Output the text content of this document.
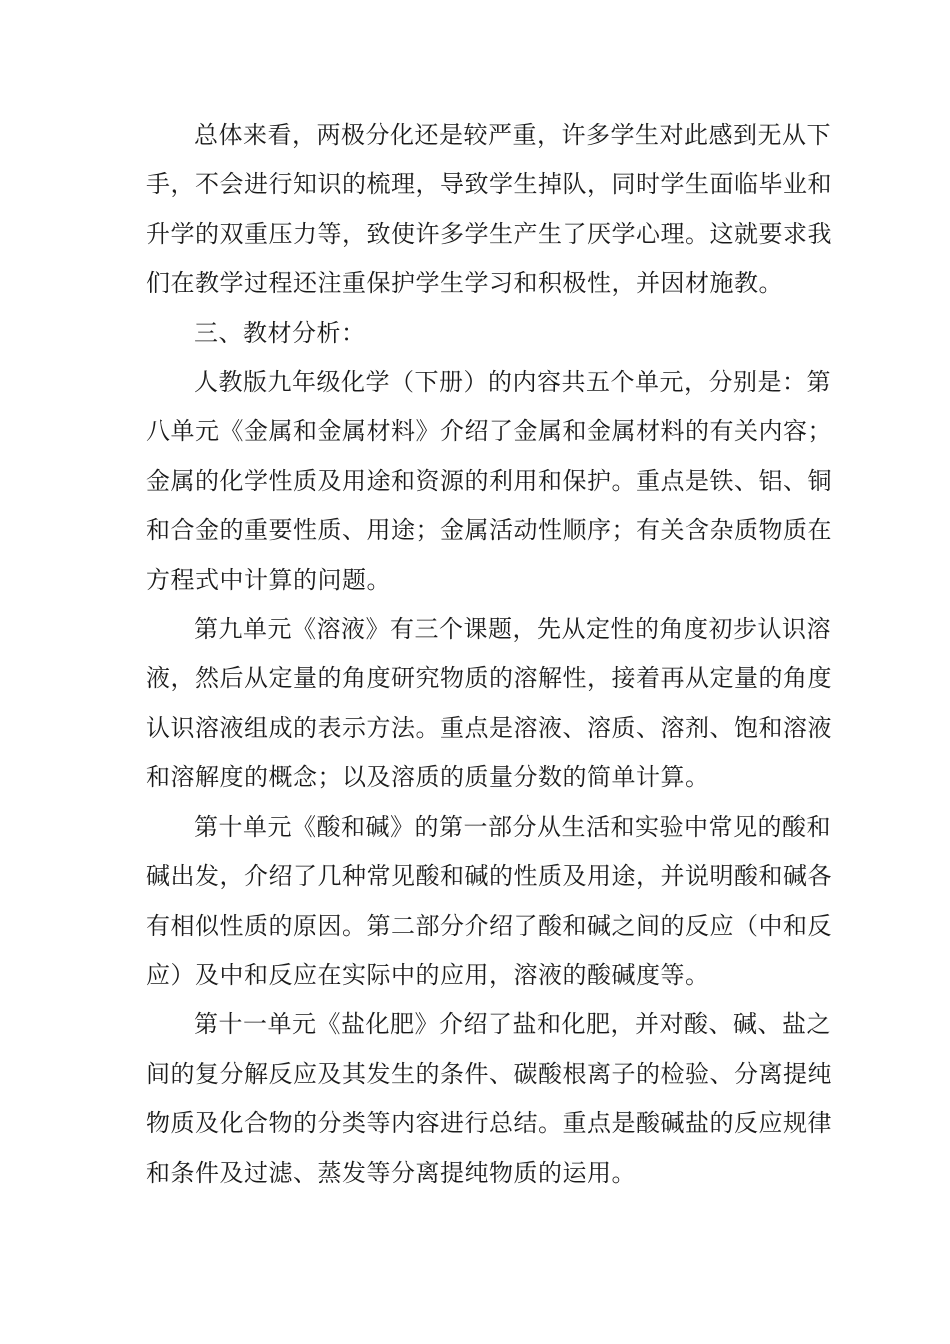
总体来看，两极分化还是较严重，许多学生对此感到无从下
手，不会进行知识的梳理，导致学生掉队，同时学生面临毕业和
升学的双重压力等，致使许多学生产生了厌学心理。这就要求我
们在教学过程还注重保护学生学习和积极性，并因材施教。

三、教材分析：

人教版九年级化学（下册）的内容共五个单元，分别是：第
八单元《金属和金属材料》介绍了金属和金属材料的有关内容；
金属的化学性质及用途和资源的利用和保护。重点是铁、铝、铜
和合金的重要性质、用途；金属活动性顺序；有关含杂质物质在
方程式中计算的问题。

第九单元《溶液》有三个课题，先从定性的角度初步认识溶
液，然后从定量的角度研究物质的溶解性，接着再从定量的角度
认识溶液组成的表示方法。重点是溶液、溶质、溶剂、饱和溶液
和溶解度的概念；以及溶质的质量分数的简单计算。

第十单元《酸和碱》的第一部分从生活和实验中常见的酸和
碱出发，介绍了几种常见酸和碱的性质及用途，并说明酸和碱各
有相似性质的原因。第二部分介绍了酸和碱之间的反应（中和反
应）及中和反应在实际中的应用，溶液的酸碱度等。

第十一单元《盐化肥》介绍了盐和化肥，并对酸、碱、盐之
间的复分解反应及其发生的条件、碳酸根离子的检验、分离提纯
物质及化合物的分类等内容进行总结。重点是酸碱盐的反应规律
和条件及过滤、蒸发等分离提纯物质的运用。
